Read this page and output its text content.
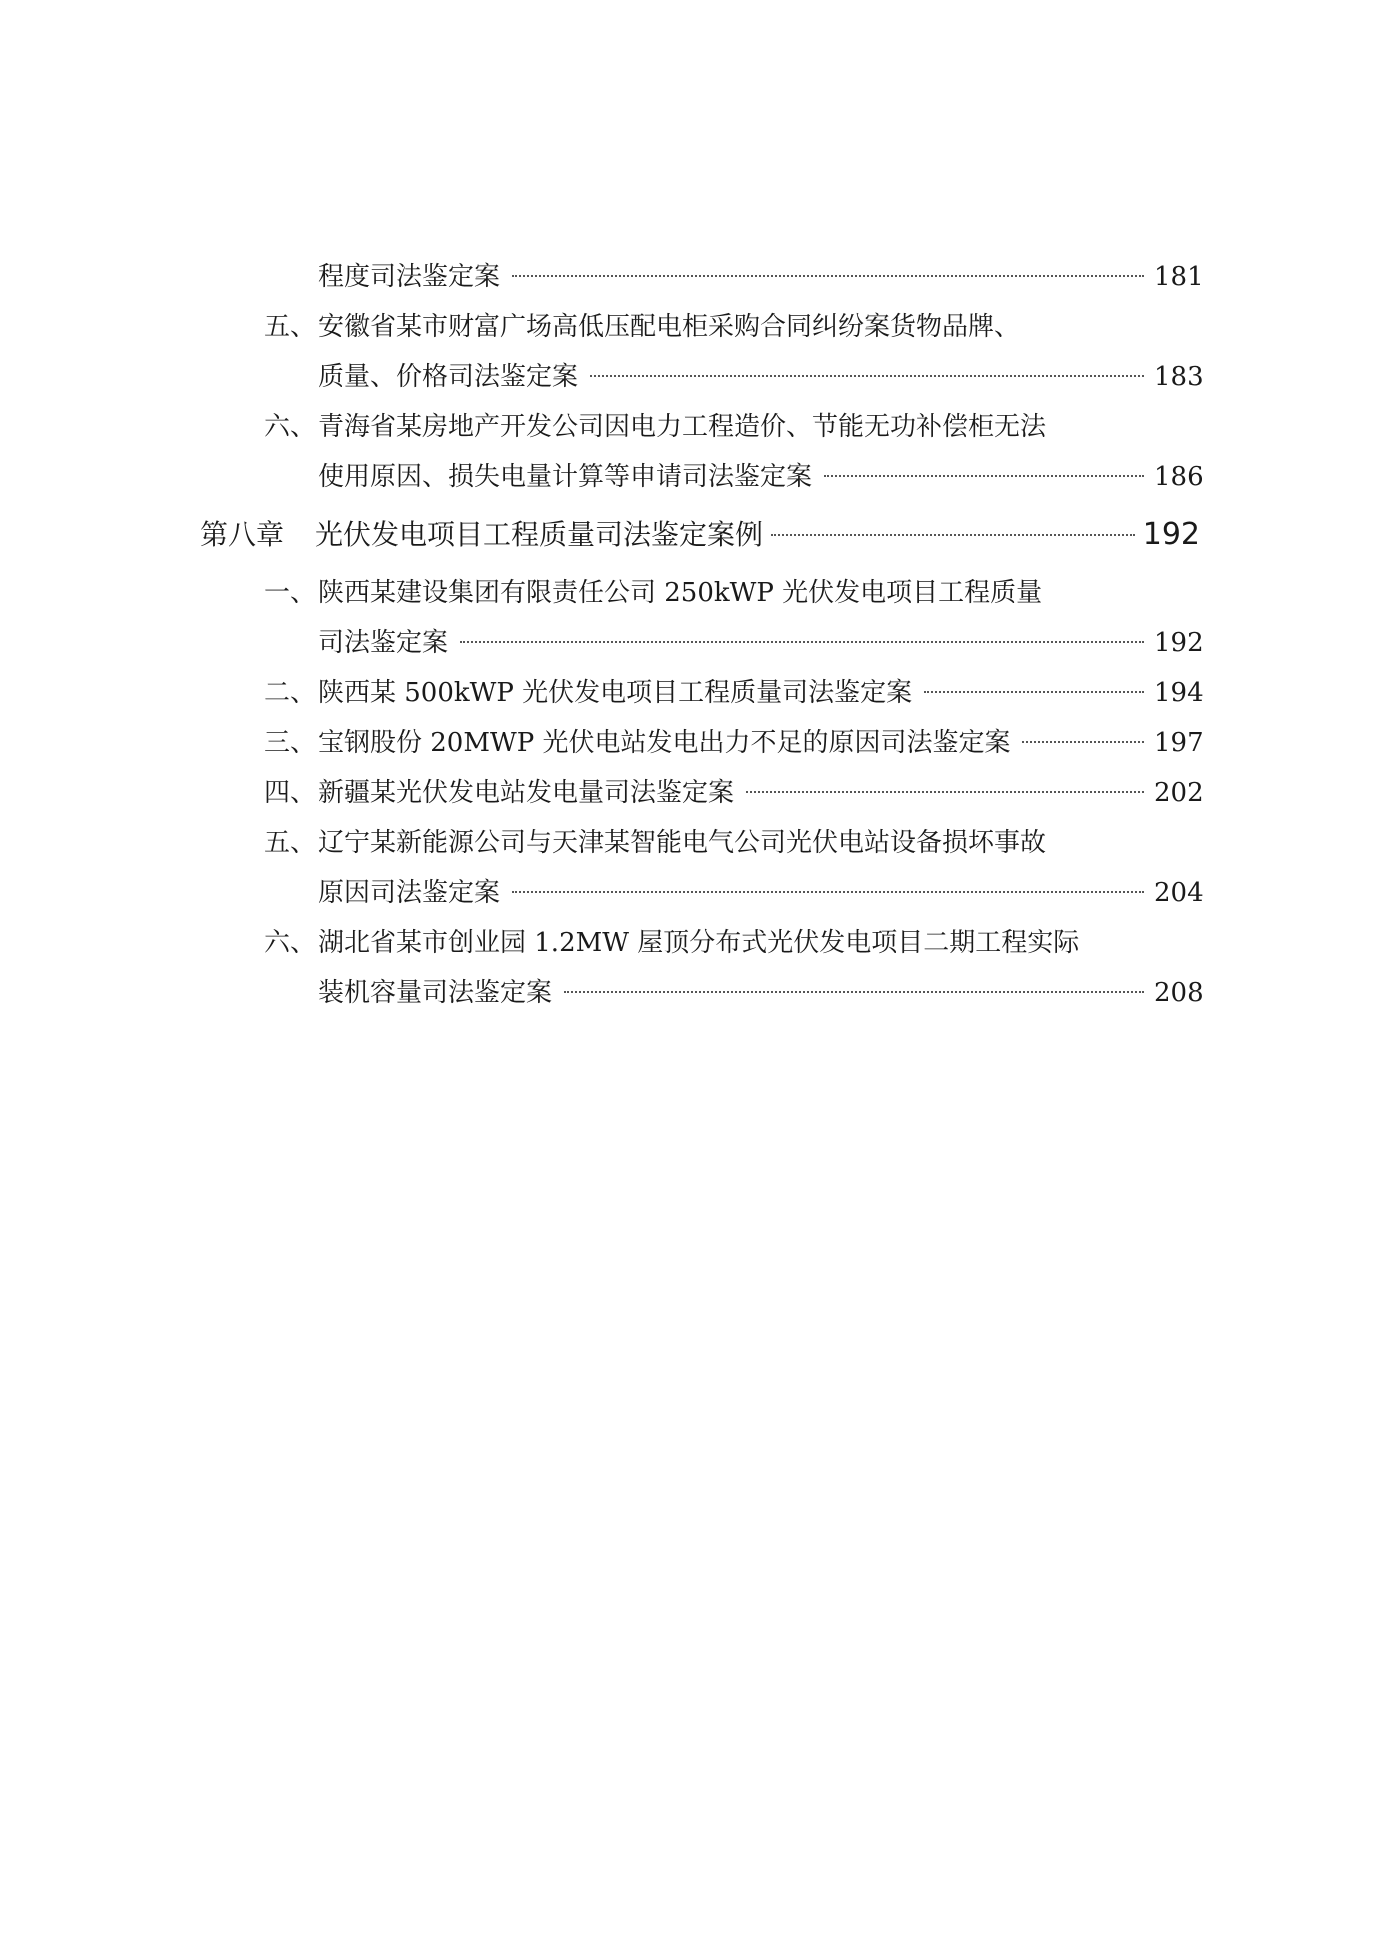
程度司法鉴定案	181
五、 安徽省某市财富广场高低压配电柜采购合同纠纷案货物品牌、
质量、价格司法鉴定案	183
六、 青海省某房地产开发公司因电力工程造价、节能无功补偿柜无法
使用原因、损失电量计算等申请司法鉴定案	186
第八章	光伏发电项目工程质量司法鉴定案例	192
一、 陕西某建设集团有限责任公司 250kWP 光伏发电项目工程质量
司法鉴定案	192
二、 陕西某 500kWP 光伏发电项目工程质量司法鉴定案	194
三、 宝钢股份 20MWP 光伏电站发电出力不足的原因司法鉴定案	197
四、 新疆某光伏发电站发电量司法鉴定案	202
五、 辽宁某新能源公司与天津某智能电气公司光伏电站设备损坏事故
原因司法鉴定案	204
六、 湖北省某市创业园 1.2MW 屋顶分布式光伏发电项目二期工程实际
装机容量司法鉴定案	208
